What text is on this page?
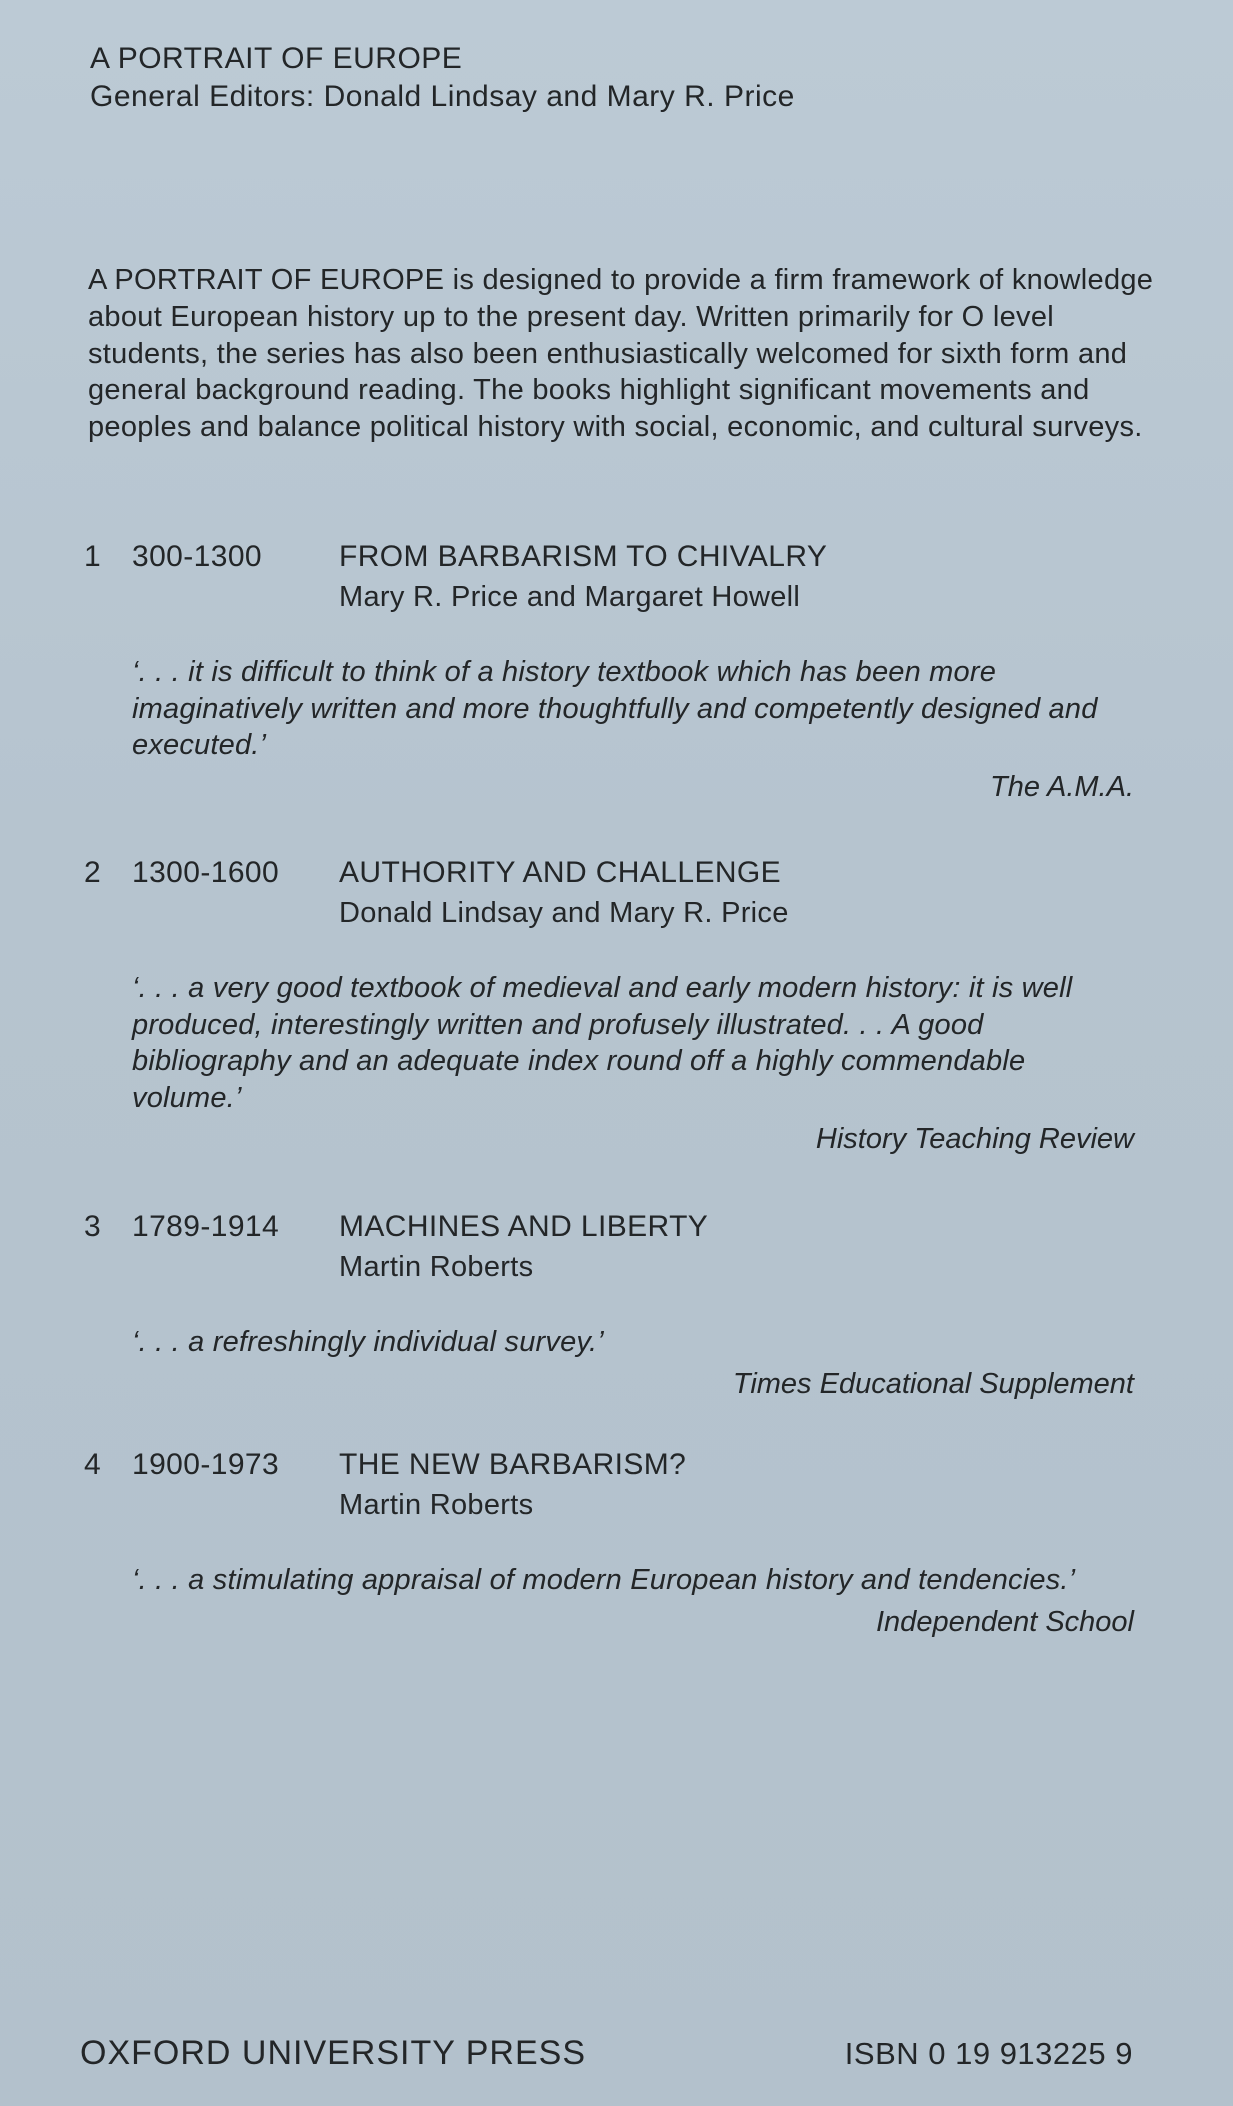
A PORTRAIT OF EUROPE
General Editors: Donald Lindsay and Mary R. Price
A PORTRAIT OF EUROPE is designed to provide a firm framework of knowledge about European history up to the present day. Written primarily for O level students, the series has also been enthusiastically welcomed for sixth form and general background reading. The books highlight significant movements and peoples and balance political history with social, economic, and cultural surveys.
1 300-1300	FROM BARBARISM TO CHIVALRY
Mary R. Price and Margaret Howell
‘. . . it is difficult to think of a history textbook which has been more imaginatively written and more thoughtfully and competently designed and executed.’
The A.M.A.
2 1300-1600 AUTHORITY AND CHALLENGE
Donald Lindsay and Mary R. Price
‘. . . a very good textbook of medieval and early modern history: it is well produced, interestingly written and profusely illustrated. . . A good bibliography and an adequate index round off a highly commendable volume.’
History Teaching Review
3 1789-1914 MACHINES AND LIBERTY
Martin Roberts
‘. . . a refreshingly individual survey.’
Times Educational Supplement
4 1900-1973 THE NEW BARBARISM?
Martin Roberts
‘. . . a stimulating appraisal of modern European history and tendencies.’
Independent School
OXFORD UNIVERSITY PRESS	ISBN 0 19 913225 9
